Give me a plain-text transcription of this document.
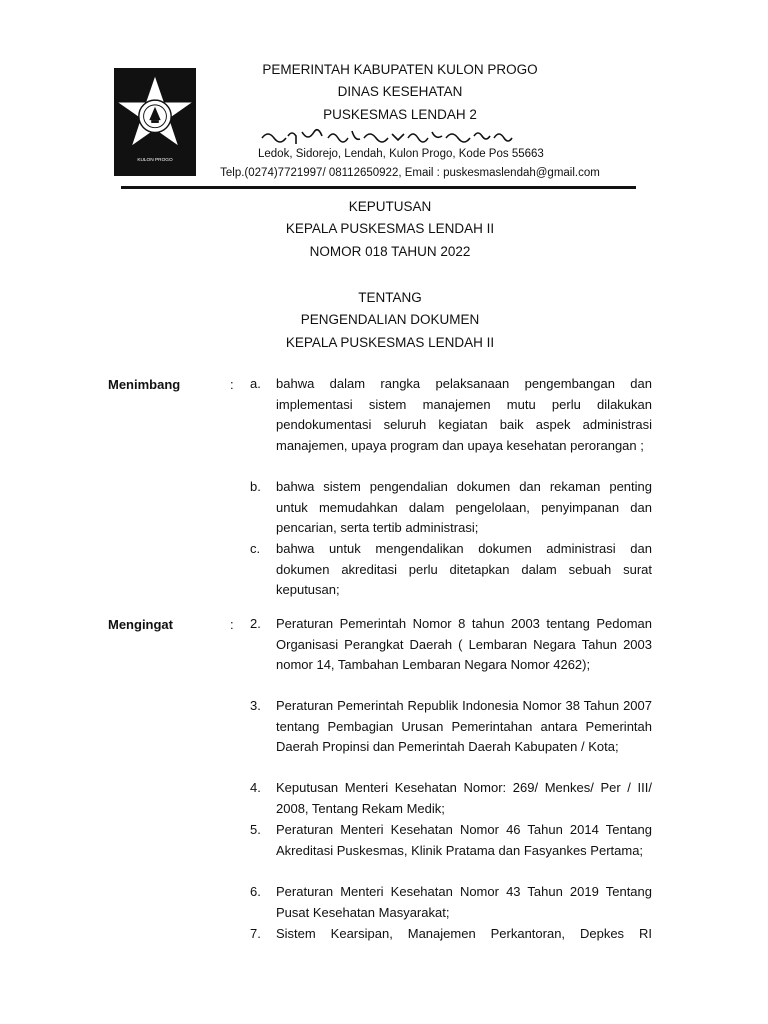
KULON PROGO
PEMERINTAH KABUPATEN KULON PROGO
DINAS KESEHATAN
PUSKESMAS LENDAH 2
Ledok, Sidorejo, Lendah, Kulon Progo, Kode Pos 55663
Telp.(0274)7721997/ 08112650922, Email : puskesmaslendah@gmail.com
KEPUTUSAN
KEPALA PUSKESMAS LENDAH II
NOMOR 018 TAHUN 2022
TENTANG
PENGENDALIAN DOKUMEN
KEPALA PUSKESMAS LENDAH II
Menimbang	: a. bahwa dalam rangka pelaksanaan pengembangan dan implementasi sistem manajemen mutu perlu dilakukan pendokumentasi seluruh kegiatan baik aspek administrasi manajemen, upaya program dan upaya kesehatan perorangan ;
b. bahwa sistem pengendalian dokumen dan rekaman penting untuk memudahkan dalam pengelolaan, penyimpanan dan pencarian, serta tertib administrasi;
c. bahwa untuk mengendalikan dokumen administrasi dan dokumen akreditasi perlu ditetapkan dalam sebuah surat keputusan;
Mengingat	: 2. Peraturan Pemerintah Nomor 8 tahun 2003 tentang Pedoman Organisasi Perangkat Daerah ( Lembaran Negara Tahun 2003 nomor 14, Tambahan Lembaran Negara Nomor 4262);
3. Peraturan Pemerintah Republik Indonesia Nomor 38 Tahun 2007 tentang Pembagian Urusan Pemerintahan antara Pemerintah Daerah Propinsi dan Pemerintah Daerah Kabupaten / Kota;
4. Keputusan Menteri Kesehatan Nomor: 269/ Menkes/ Per / III/ 2008, Tentang Rekam Medik;
5. Peraturan Menteri Kesehatan Nomor 46 Tahun 2014 Tentang Akreditasi Puskesmas, Klinik Pratama dan Fasyankes Pertama;
6. Peraturan Menteri Kesehatan Nomor 43 Tahun 2019 Tentang Pusat Kesehatan Masyarakat;
7. Sistem Kearsipan, Manajemen Perkantoran, Depkes RI
